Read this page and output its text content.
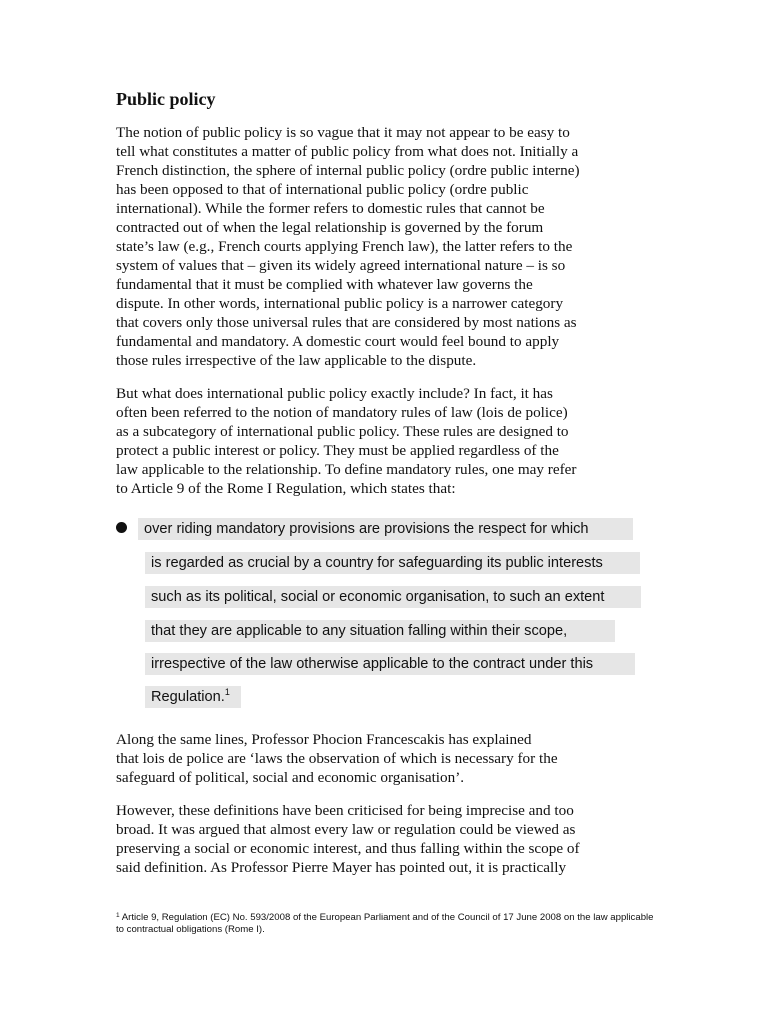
Public policy

The notion of public policy is so vague that it may not appear to be easy to

tell what constitutes a matter of public policy from what does not. Initially a

French distinction, the sphere of internal public policy (ordre public interne)

has been opposed to that of international public policy (ordre public

international). While the former refers to domestic rules that cannot be

contracted out of when the legal relationship is governed by the forum

state’s law (e.g., French courts applying French law), the latter refers to the

system of values that – given its widely agreed international nature – is so

fundamental that it must be complied with whatever law governs the

dispute. In other words, international public policy is a narrower category

that covers only those universal rules that are considered by most nations as

fundamental and mandatory. A domestic court would feel bound to apply

those rules irrespective of the law applicable to the dispute.

But what does international public policy exactly include? In fact, it has

often been referred to the notion of mandatory rules of law (lois de police)

as a subcategory of international public policy. These rules are designed to

protect a public interest or policy. They must be applied regardless of the

law applicable to the relationship. To define mandatory rules, one may refer

to Article 9 of the Rome I Regulation, which states that:

over riding mandatory provisions are provisions the respect for which

is regarded as crucial by a country for safeguarding its public interests

such as its political, social or economic organisation, to such an extent

that they are applicable to any situation falling within their scope,

irrespective of the law otherwise applicable to the contract under this

Regulation.$^1$

Along the same lines, Professor Phocion Francescakis has explained

that lois de police are ‘laws the observation of which is necessary for the

safeguard of political, social and economic organisation’.

However, these definitions have been criticised for being imprecise and too

broad. It was argued that almost every law or regulation could be viewed as

preserving a social or economic interest, and thus falling within the scope of

said definition. As Professor Pierre Mayer has pointed out, it is practically

$^1$ Article 9, Regulation (EC) No. 593/2008 of the European Parliament and of the Council of 17 June 2008 on the law applicable to contractual obligations (Rome I).
